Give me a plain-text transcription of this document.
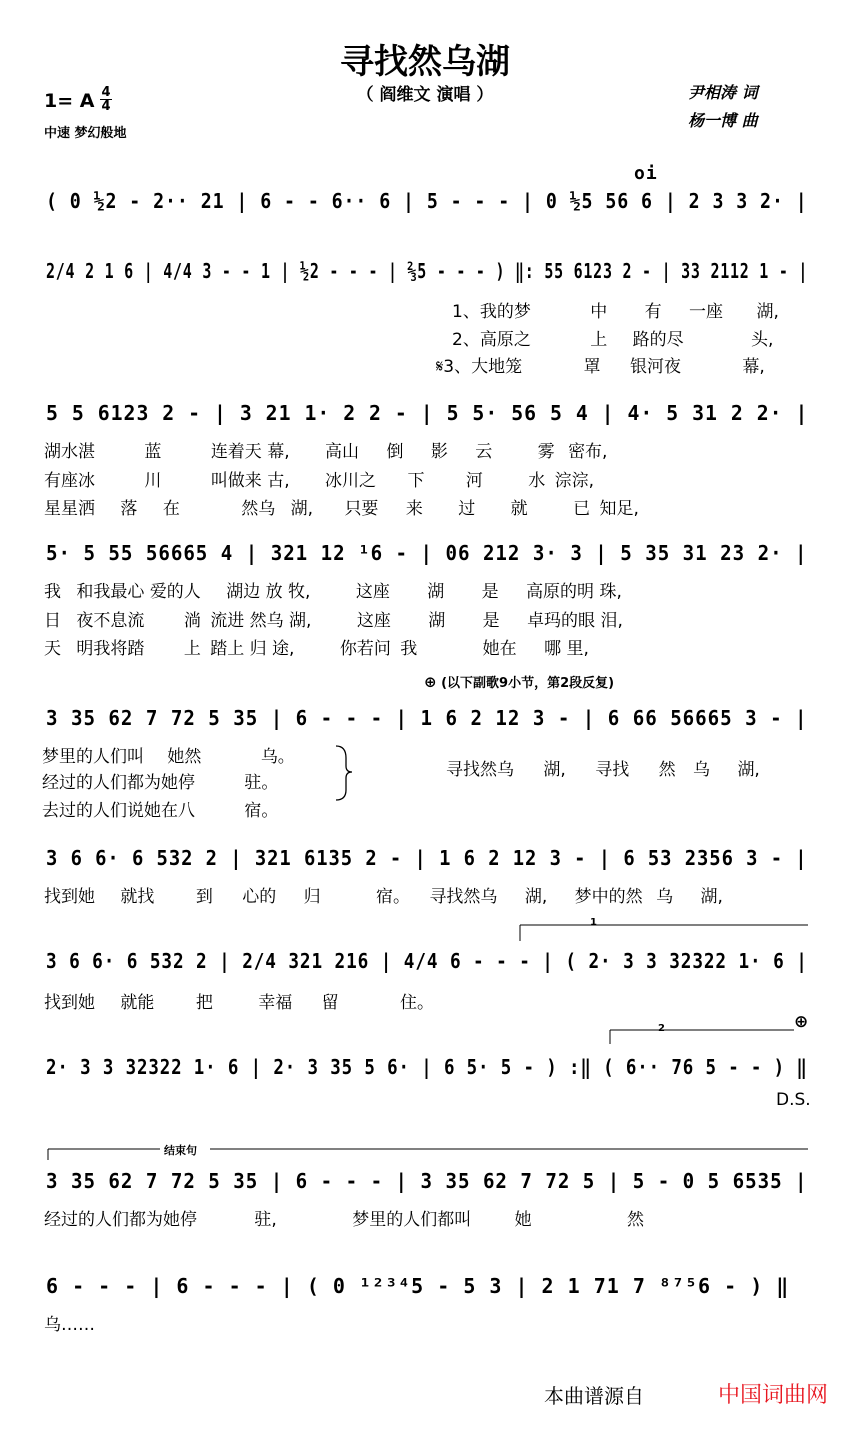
寻找然乌湖
（ 阎维文 演唱 ）
1= A 4
4
中速 梦幻般地
尹相涛 词
杨一博 曲
oi
( 0 ½2 - 2·· 21 | 6 - - 6·· 6 | 5 - - - | 0 ½5 56 6 | 2 3 3 2· |
2/4 2 1 6 | 4/4 3 - - 1 | ½2 - - - | ⅔5 - - - ) ‖: 55 6123 2 - | 33 2112 1 - |
5 5 6123 2 - | 3 21 1· 2 2 - | 5 5· 56 5 4 | 4· 5 31 2 2· |
5· 5 55 56665 4 | 321 12 ¹6 - | 06 212 3· 3 | 5 35 31 23 2· |
3 35 62 7 72 5 35 | 6 - - - | 1 6 2 12 3 - | 6 66 56665 3 - |
3 6 6· 6 532 2 | 321 6135 2 - | 1 6 2 12 3 - | 6 53 2356 3 - |
3 6 6· 6 532 2 | 2/4 321 216 | 4/4 6 - - - | ( 2· 3 3 32322 1· 6 |
2· 3 3 32322 1· 6 | 2· 3 35 5 6· | 6 5· 5 - ) :‖ ( 6·· 76 5 - - ) ‖
3 35 62 7 72 5 35 | 6 - - - | 3 35 62 7 72 5 | 5 - 0 5 6535 |
6 - - - | 6 - - - | ( 0 ¹²³⁴5 - 5 3 | 2 1 71 7 ⁸⁷⁵6 - ) ‖
1、我的梦	中 有 一座 湖,
2、高原之	上 路的尽	头,
𝄋3、大地笼	罩 银河夜	幕,
湖水湛	蓝	连着天 幕, 高山 倒 影 云	雾 密布,
有座冰	川	叫做来 古, 冰川之 下 河	水 淙淙,
星星洒 落 在	然乌 湖, 只要 来 过 就	已 知足,
我 和我最心 爱的人 湖边 放 牧,	这座 湖 是 高原的明 珠,
日 夜不息流 淌 流进 然乌 湖,	这座 湖 是 卓玛的眼 泪,
天 明我将踏 上 踏上 归 途,	你若问 我	她在 哪 里,
⊕ (以下副歌9小节，第2段反复)
梦里的人们叫 她然	乌。
经过的人们都为她停	驻。
去过的人们说她在八	宿。
寻找然乌 湖, 寻找 然 乌 湖,
找到她 就找 到 心的 归	宿。 寻找然乌 湖, 梦中的然 乌 湖,
1
找到她 就能 把	幸福 留	住。
2	⊕
D.S.
结束句
经过的人们都为她停	驻,	梦里的人们都叫	她	然
乌……
本曲谱源自	中国词曲网
